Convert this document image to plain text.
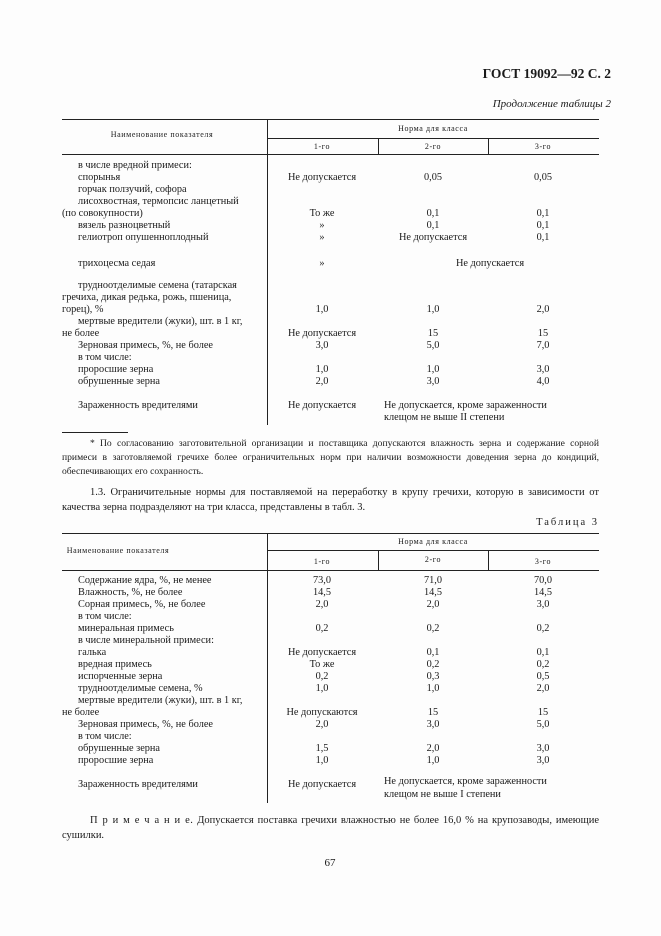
ГОСТ 19092—92 С. 2
Продолжение таблицы 2
Наименование показателя
Норма для класса
1-го	2-го	3-го
в числе вредной примеси:
спорынья	Не допускается	0,05	0,05
горчак ползучий, софора
лисохвостная, термопсис ланцетный
(по совокупности)	То же	0,1	0,1
вязель разноцветный	»	0,1	0,1
гелиотроп опушенноплодный	»	Не допускается	0,1
трихоцесма седая	»	Не допускается
трудноотделимые семена (татарская
гречиха, дикая редька, рожь, пшеница,
горец), %	1,0	1,0	2,0
мертвые вредители (жуки), шт. в 1 кг,
не более	Не допускается	15	15
Зерновая примесь, %, не более	3,0	5,0	7,0
в том числе:
проросшие зерна	1,0	1,0	3,0
обрушенные зерна	2,0	3,0	4,0
Зараженность вредителями	Не допускается	Не допускается, кроме зараженности
клещом не выше II степени
* По согласованию заготовительной организации и поставщика допускаются влажность зерна и содержание сорной примеси в заготовляемой гречихе более ограничительных норм при наличии возможности доведения зерна до кондиций, обеспечивающих его сохранность.
1.3. Ограничительные нормы для поставляемой на переработку в крупу гречихи, которую в зависимости от качества зерна подразделяют на три класса, представлены в табл. 3.
Таблица 3
Наименование показателя
Норма для класса
1-го	2-го	3-го
Содержание ядра, %, не менее	73,0	71,0	70,0
Влажность, %, не более	14,5	14,5	14,5
Сорная примесь, %, не более	2,0	2,0	3,0
в том числе:
минеральная примесь	0,2	0,2	0,2
в числе минеральной примеси:
галька	Не допускается	0,1	0,1
вредная примесь	То же	0,2	0,2
испорченные зерна	0,2	0,3	0,5
трудноотделимые семена, %	1,0	1,0	2,0
мертвые вредители (жуки), шт. в 1 кг,
не более	Не допускаются	15	15
Зерновая примесь, %, не более	2,0	3,0	5,0
в том числе:
обрушенные зерна	1,5	2,0	3,0
проросшие зерна	1,0	1,0	3,0
Зараженность вредителями	Не допускается	Не допускается, кроме зараженности
клещом не выше I степени
П р и м е ч а н и е. Допускается поставка гречихи влажностью не более 16,0 % на крупозаводы, имеющие сушилки.
67
